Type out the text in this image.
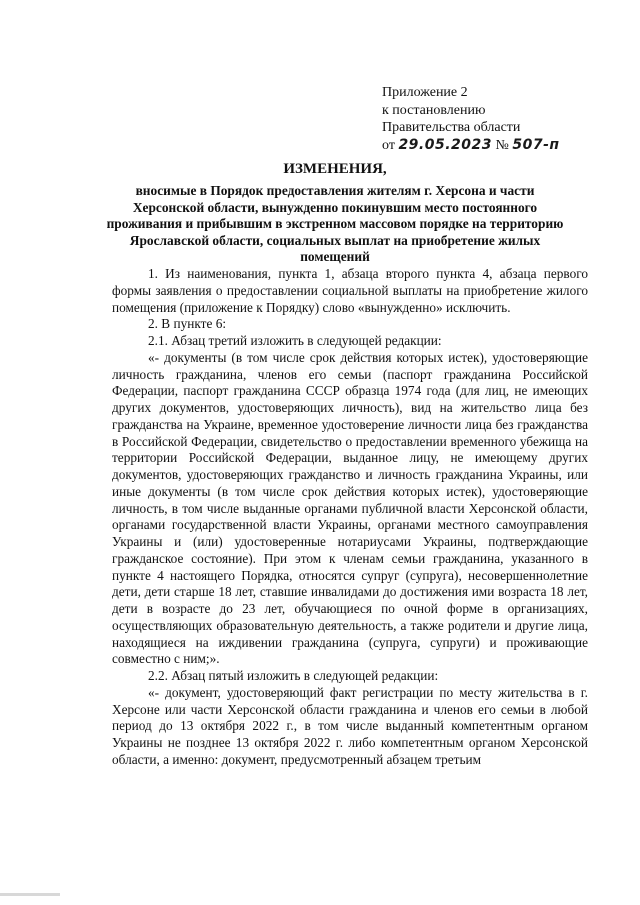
Приложение 2
к постановлению
Правительства области
от 29.05.2023 № 507-п
ИЗМЕНЕНИЯ,
вносимые в Порядок предоставления жителям г. Херсона и части Херсонской области, вынужденно покинувшим место постоянного проживания и прибывшим в экстренном массовом порядке на территорию Ярославской области, социальных выплат на приобретение жилых помещений
1. Из наименования, пункта 1, абзаца второго пункта 4, абзаца первого формы заявления о предоставлении социальной выплаты на приобретение жилого помещения (приложение к Порядку) слово «вынужденно» исключить.
2. В пункте 6:
2.1. Абзац третий изложить в следующей редакции:
«- документы (в том числе срок действия которых истек), удостоверяющие личность гражданина, членов его семьи (паспорт гражданина Российской Федерации, паспорт гражданина СССР образца 1974 года (для лиц, не имеющих других документов, удостоверяющих личность), вид на жительство лица без гражданства на Украине, временное удостоверение личности лица без гражданства в Российской Федерации, свидетельство о предоставлении временного убежища на территории Российской Федерации, выданное лицу, не имеющему других документов, удостоверяющих гражданство и личность гражданина Украины, или иные документы (в том числе срок действия которых истек), удостоверяющие личность, в том числе выданные органами публичной власти Херсонской области, органами государственной власти Украины, органами местного самоуправления Украины и (или) удостоверенные нотариусами Украины, подтверждающие гражданское состояние). При этом к членам семьи гражданина, указанного в пункте 4 настоящего Порядка, относятся супруг (супруга), несовершеннолетние дети, дети старше 18 лет, ставшие инвалидами до достижения ими возраста 18 лет, дети в возрасте до 23 лет, обучающиеся по очной форме в организациях, осуществляющих образовательную деятельность, а также родители и другие лица, находящиеся на иждивении гражданина (супруга, супруги) и проживающие совместно с ним;».
2.2. Абзац пятый изложить в следующей редакции:
«- документ, удостоверяющий факт регистрации по месту жительства в г. Херсоне или части Херсонской области гражданина и членов его семьи в любой период до 13 октября 2022 г., в том числе выданный компетентным органом Украины не позднее 13 октября 2022 г. либо компетентным органом Херсонской области, а именно: документ, предусмотренный абзацем третьим
